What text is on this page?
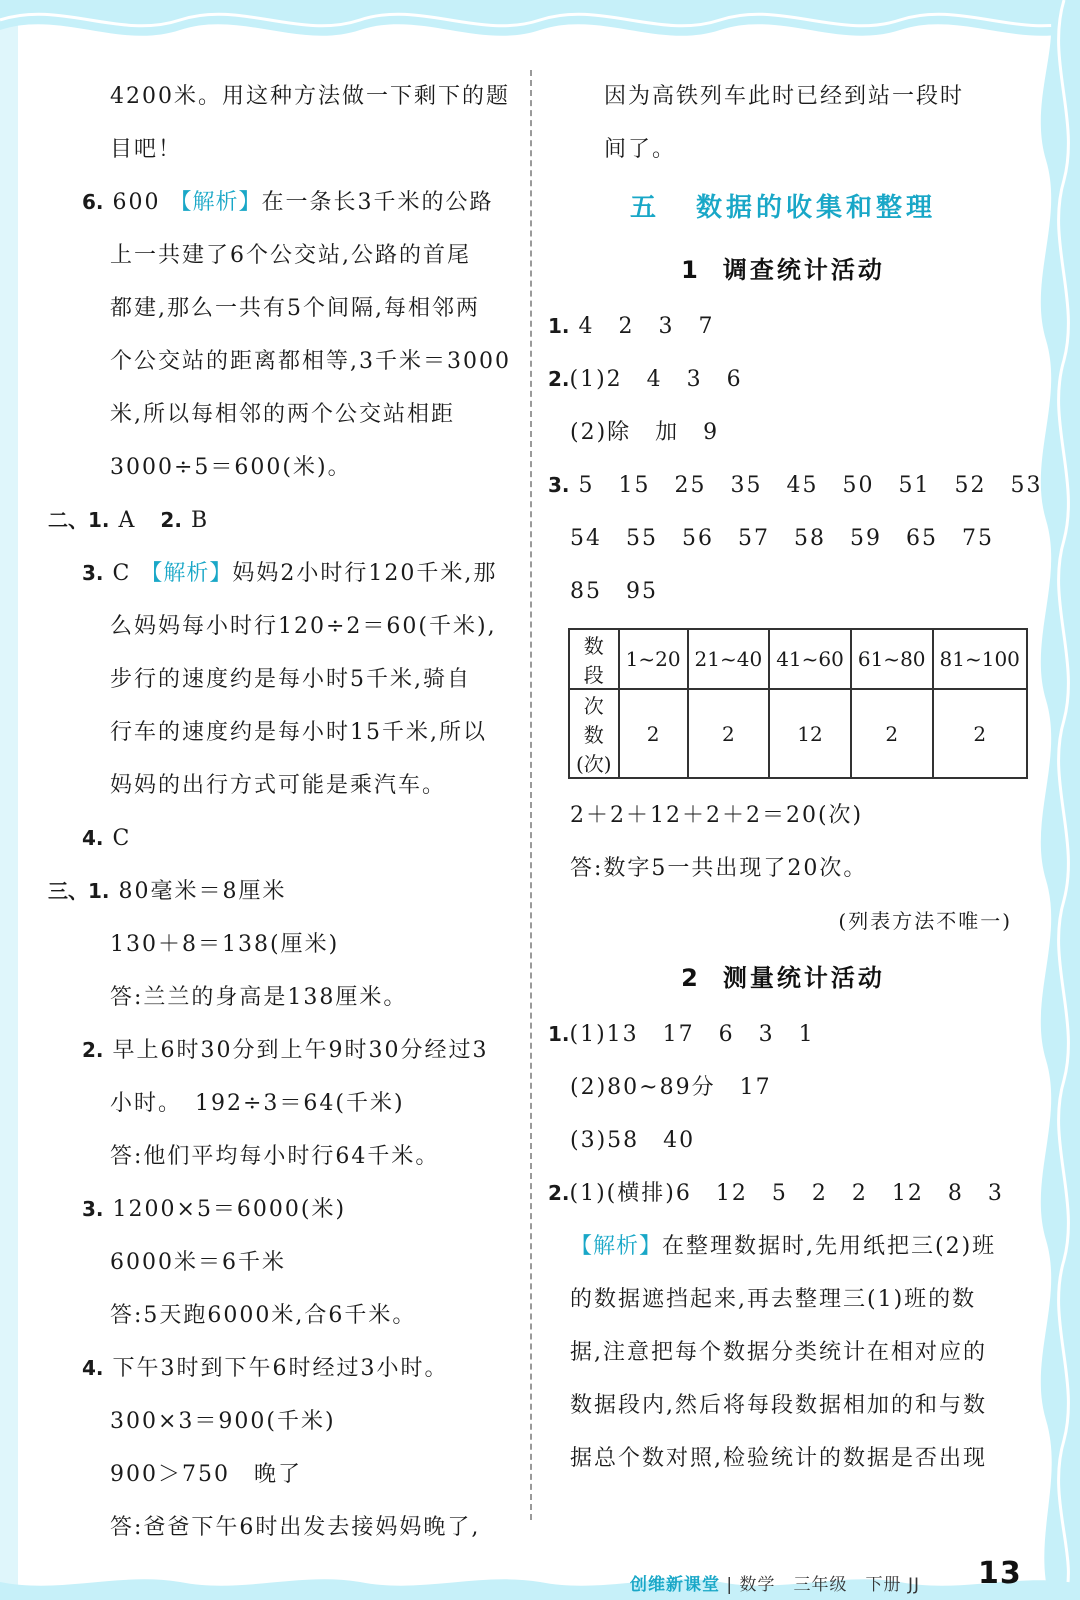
4200米。用这种方法做一下剩下的题
目吧！
6. 600 【解析】在一条长3千米的公路
上一共建了6个公交站,公路的首尾
都建,那么一共有5个间隔,每相邻两
个公交站的距离都相等,3千米＝3000
米,所以每相邻的两个公交站相距
3000÷5＝600(米)。
二、1. A　 2. B
3. C 【解析】妈妈2小时行120千米,那
么妈妈每小时行120÷2＝60(千米),
步行的速度约是每小时5千米,骑自
行车的速度约是每小时15千米,所以
妈妈的出行方式可能是乘汽车。
4. C
三、1. 80毫米＝8厘米
130＋8＝138(厘米)
答:兰兰的身高是138厘米。
2. 早上6时30分到上午9时30分经过3
小时。　192÷3＝64(千米)
答:他们平均每小时行64千米。
3. 1200×5＝6000(米)
6000米＝6千米
答:5天跑6000米,合6千米。
4. 下午3时到下午6时经过3小时。
300×3＝900(千米)
900＞750　晚了
答:爸爸下午6时出发去接妈妈晚了,
因为高铁列车此时已经到站一段时
间了。
五 数据的收集和整理
1 调查统计活动
1. 4　2　3　7
2.(1)2　4　3　6
(2)除　加　9
3. 5　15　25　35　45　50　51　52　53
54　55　56　57　58　59　65　75
85　95
数段	1~20	21~40	41~60	61~80	81~100

次数
(次)	2	2	12	2	2
2＋2＋12＋2＋2＝20(次)
答:数字5一共出现了20次。
(列表方法不唯一)
2 测量统计活动
1.(1)13　17　6　3　1
(2)80~89分　17
(3)58　40
2.(1)(横排)6　12　5　2　2　12　8　3
【解析】在整理数据时,先用纸把三(2)班
的数据遮挡起来,再去整理三(1)班的数
据,注意把每个数据分类统计在相对应的
数据段内,然后将每段数据相加的和与数
据总个数对照,检验统计的数据是否出现
创维新课堂 | 数学　 三年级　 下册 JJ 13
